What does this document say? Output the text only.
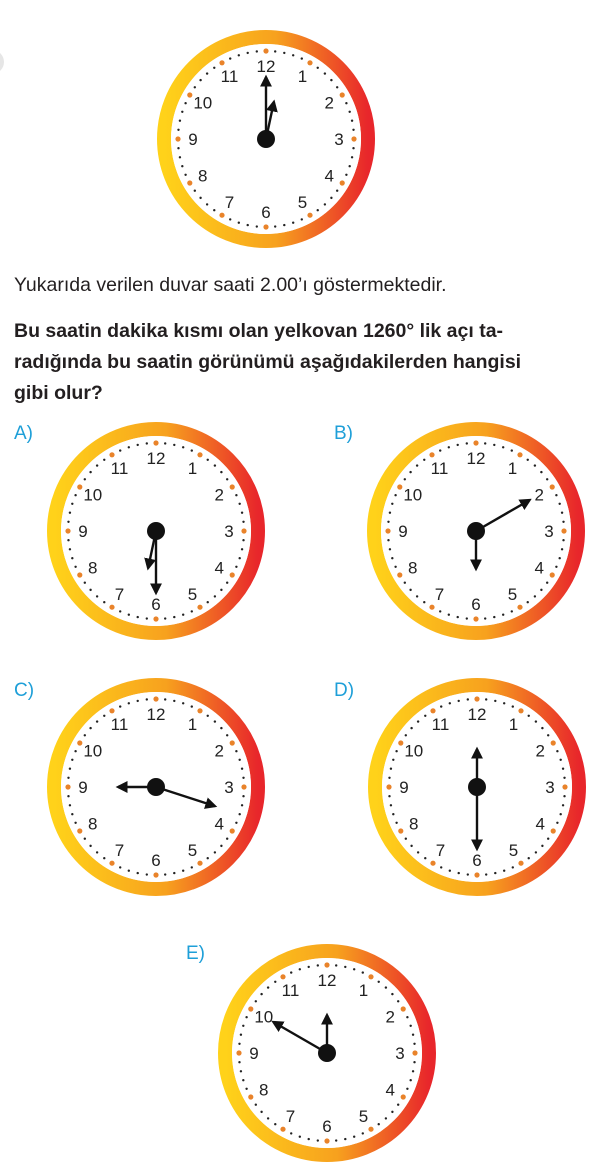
12
1
2
3
4
5
6
7
8
9
10
11
Yukarıda verilen duvar saati 2.00’ı göstermektedir.
Bu saatin dakika kısmı olan yelkovan 1260° lik açı ta-
radığında bu saatin görünümü aşağıdakilerden hangisi
gibi olur?
A)
12
1
2
3
4
5
6
7
8
9
10
11
B)
12
1
2
3
4
5
6
7
8
9
10
11
C)
12
1
2
3
4
5
6
7
8
9
10
11
D)
12
1
2
3
4
5
6
7
8
9
10
11
E)
12
1
2
3
4
5
6
7
8
9
10
11
